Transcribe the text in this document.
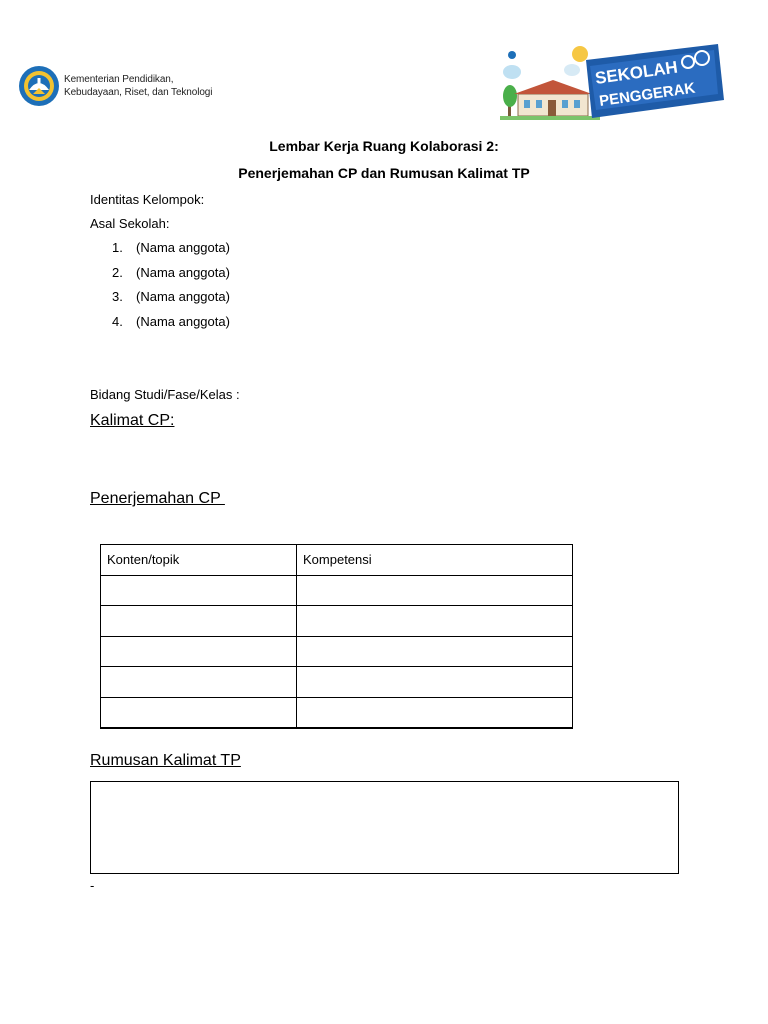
Kementerian Pendidikan,
Kebudayaan, Riset, dan Teknologi
SEKOLAH
PENGGERAK
Lembar Kerja Ruang Kolaborasi 2:
Penerjemahan CP dan Rumusan Kalimat TP
Identitas Kelompok:
Asal Sekolah:
1.	(Nama anggota)
2.	(Nama anggota)
3.	(Nama anggota)
4.	(Nama anggota)
Bidang Studi/Fase/Kelas :
Kalimat CP:
Penerjemahan CP
Konten/topik	Kompetensi

Rumusan Kalimat TP
-
